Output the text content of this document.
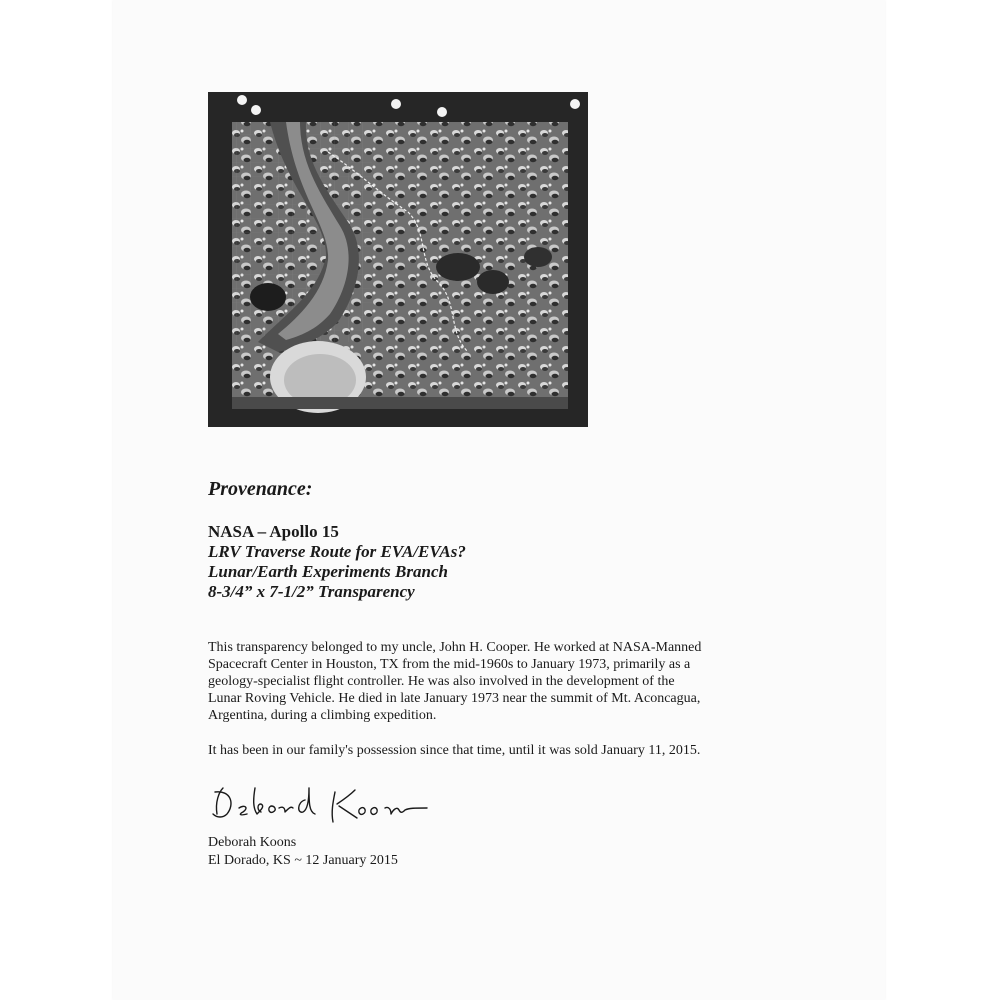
Provenance:
NASA – Apollo 15
LRV Traverse Route for EVA/EVAs?
Lunar/Earth Experiments Branch
8-3/4” x 7-1/2” Transparency
This transparency belonged to my uncle, John H. Cooper. He worked at NASA-Manned
Spacecraft Center in Houston, TX from the mid-1960s to January 1973, primarily as a
geology-specialist flight controller. He was also involved in the development of the
Lunar Roving Vehicle. He died in late January 1973 near the summit of Mt. Aconcagua,
Argentina, during a climbing expedition.
It has been in our family's possession since that time, until it was sold January 11, 2015.
Deborah Koons
El Dorado, KS ~ 12 January 2015
